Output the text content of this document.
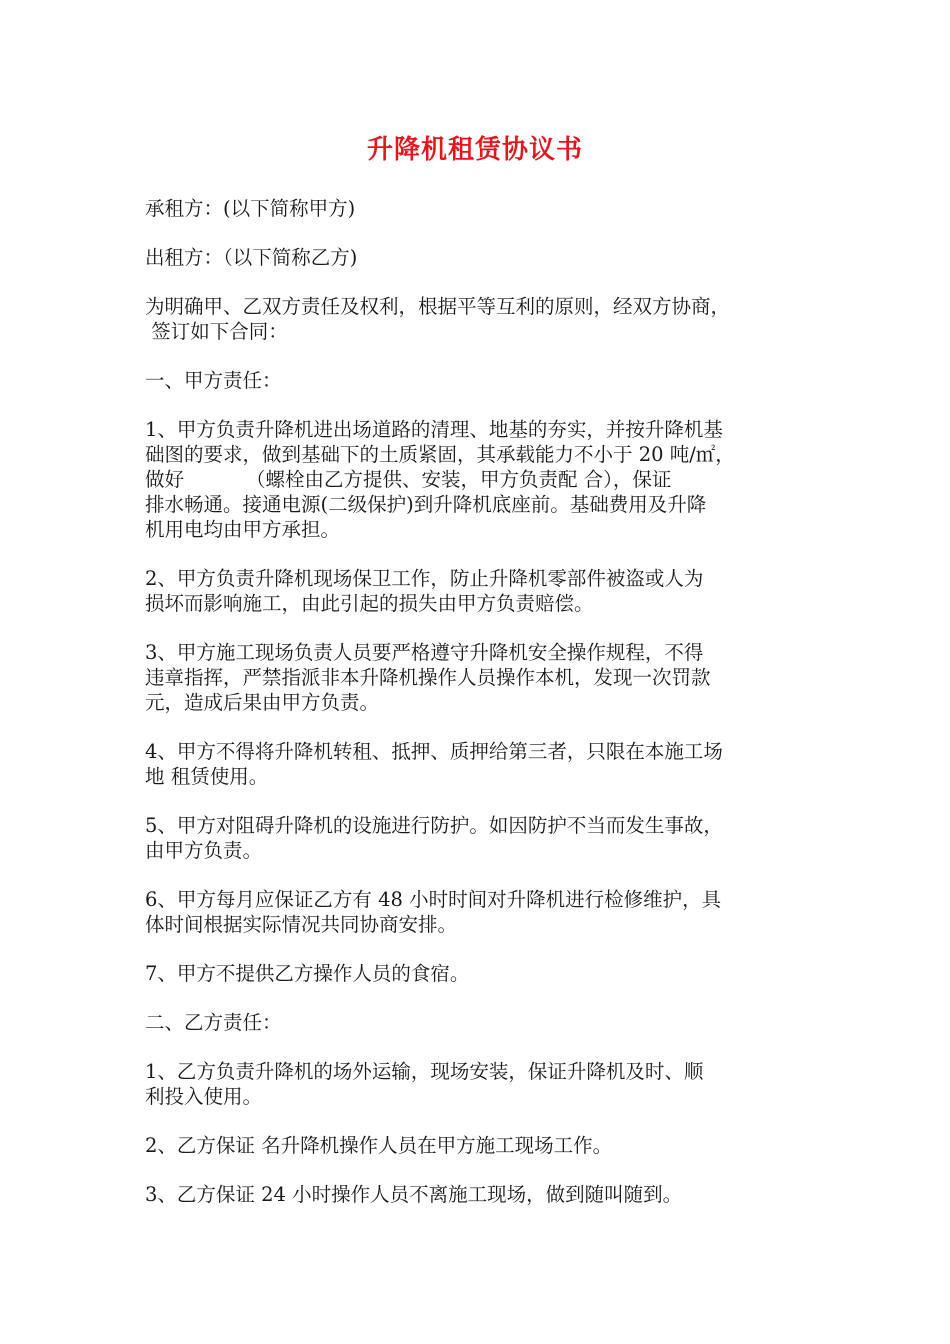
升降机租赁协议书

承租方：(以下简称甲方)

出租方：（以下简称乙方)

为明确甲、乙双方责任及权利，根据平等互利的原则，经双方协商，
签订如下合同：

一、甲方责任：

1、甲方负责升降机进出场道路的清理、地基的夯实，并按升降机基
础图的要求，做到基础下的土质紧固，其承载能力不小于 20 吨/㎡，
做好          （螺栓由乙方提供、安装，甲方负责配 合），保证
排水畅通。接通电源(二级保护)到升降机底座前。基础费用及升降
机用电均由甲方承担。

2、甲方负责升降机现场保卫工作，防止升降机零部件被盗或人为
损坏而影响施工，由此引起的损失由甲方负责赔偿。

3、甲方施工现场负责人员要严格遵守升降机安全操作规程，不得
违章指挥，严禁指派非本升降机操作人员操作本机，发现一次罚款
元，造成后果由甲方负责。

4、甲方不得将升降机转租、抵押、质押给第三者，只限在本施工场
地 租赁使用。

5、甲方对阻碍升降机的设施进行防护。如因防护不当而发生事故，
由甲方负责。

6、甲方每月应保证乙方有 48 小时时间对升降机进行检修维护，具
体时间根据实际情况共同协商安排。

7、甲方不提供乙方操作人员的食宿。

二、乙方责任：

1、乙方负责升降机的场外运输，现场安装，保证升降机及时、顺
利投入使用。

2、乙方保证 名升降机操作人员在甲方施工现场工作。

3、乙方保证 24 小时操作人员不离施工现场，做到随叫随到。
